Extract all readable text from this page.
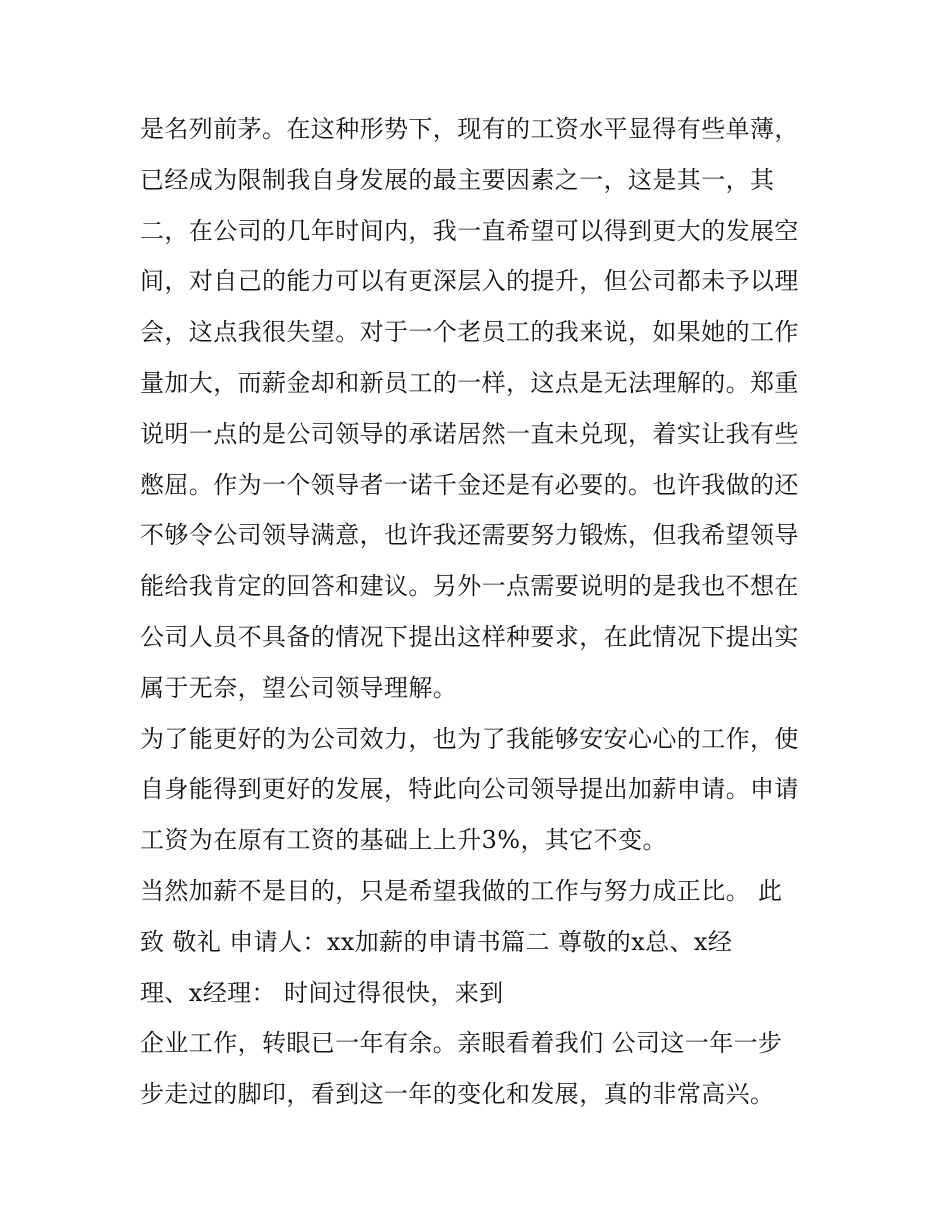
是名列前茅。在这种形势下，现有的工资水平显得有些单薄，
已经成为限制我自身发展的最主要因素之一，这是其一，其
二，在公司的几年时间内，我一直希望可以得到更大的发展空
间，对自己的能力可以有更深层入的提升，但公司都未予以理
会，这点我很失望。对于一个老员工的我来说，如果她的工作
量加大，而薪金却和新员工的一样，这点是无法理解的。郑重
说明一点的是公司领导的承诺居然一直未兑现，着实让我有些
憋屈。作为一个领导者一诺千金还是有必要的。也许我做的还
不够令公司领导满意，也许我还需要努力锻炼，但我希望领导
能给我肯定的回答和建议。另外一点需要说明的是我也不想在
公司人员不具备的情况下提出这样种要求，在此情况下提出实
属于无奈，望公司领导理解。
为了能更好的为公司效力，也为了我能够安安心心的工作，使
自身能得到更好的发展，特此向公司领导提出加薪申请。申请
工资为在原有工资的基础上上升3%，其它不变。
当然加薪不是目的，只是希望我做的工作与努力成正比。 此
致 敬礼 申请人：xx加薪的申请书篇二 尊敬的x总、x经
理、x经理： 时间过得很快，来到
企业工作，转眼已一年有余。亲眼看着我们 公司这一年一步
步走过的脚印，看到这一年的变化和发展，真的非常高兴。
